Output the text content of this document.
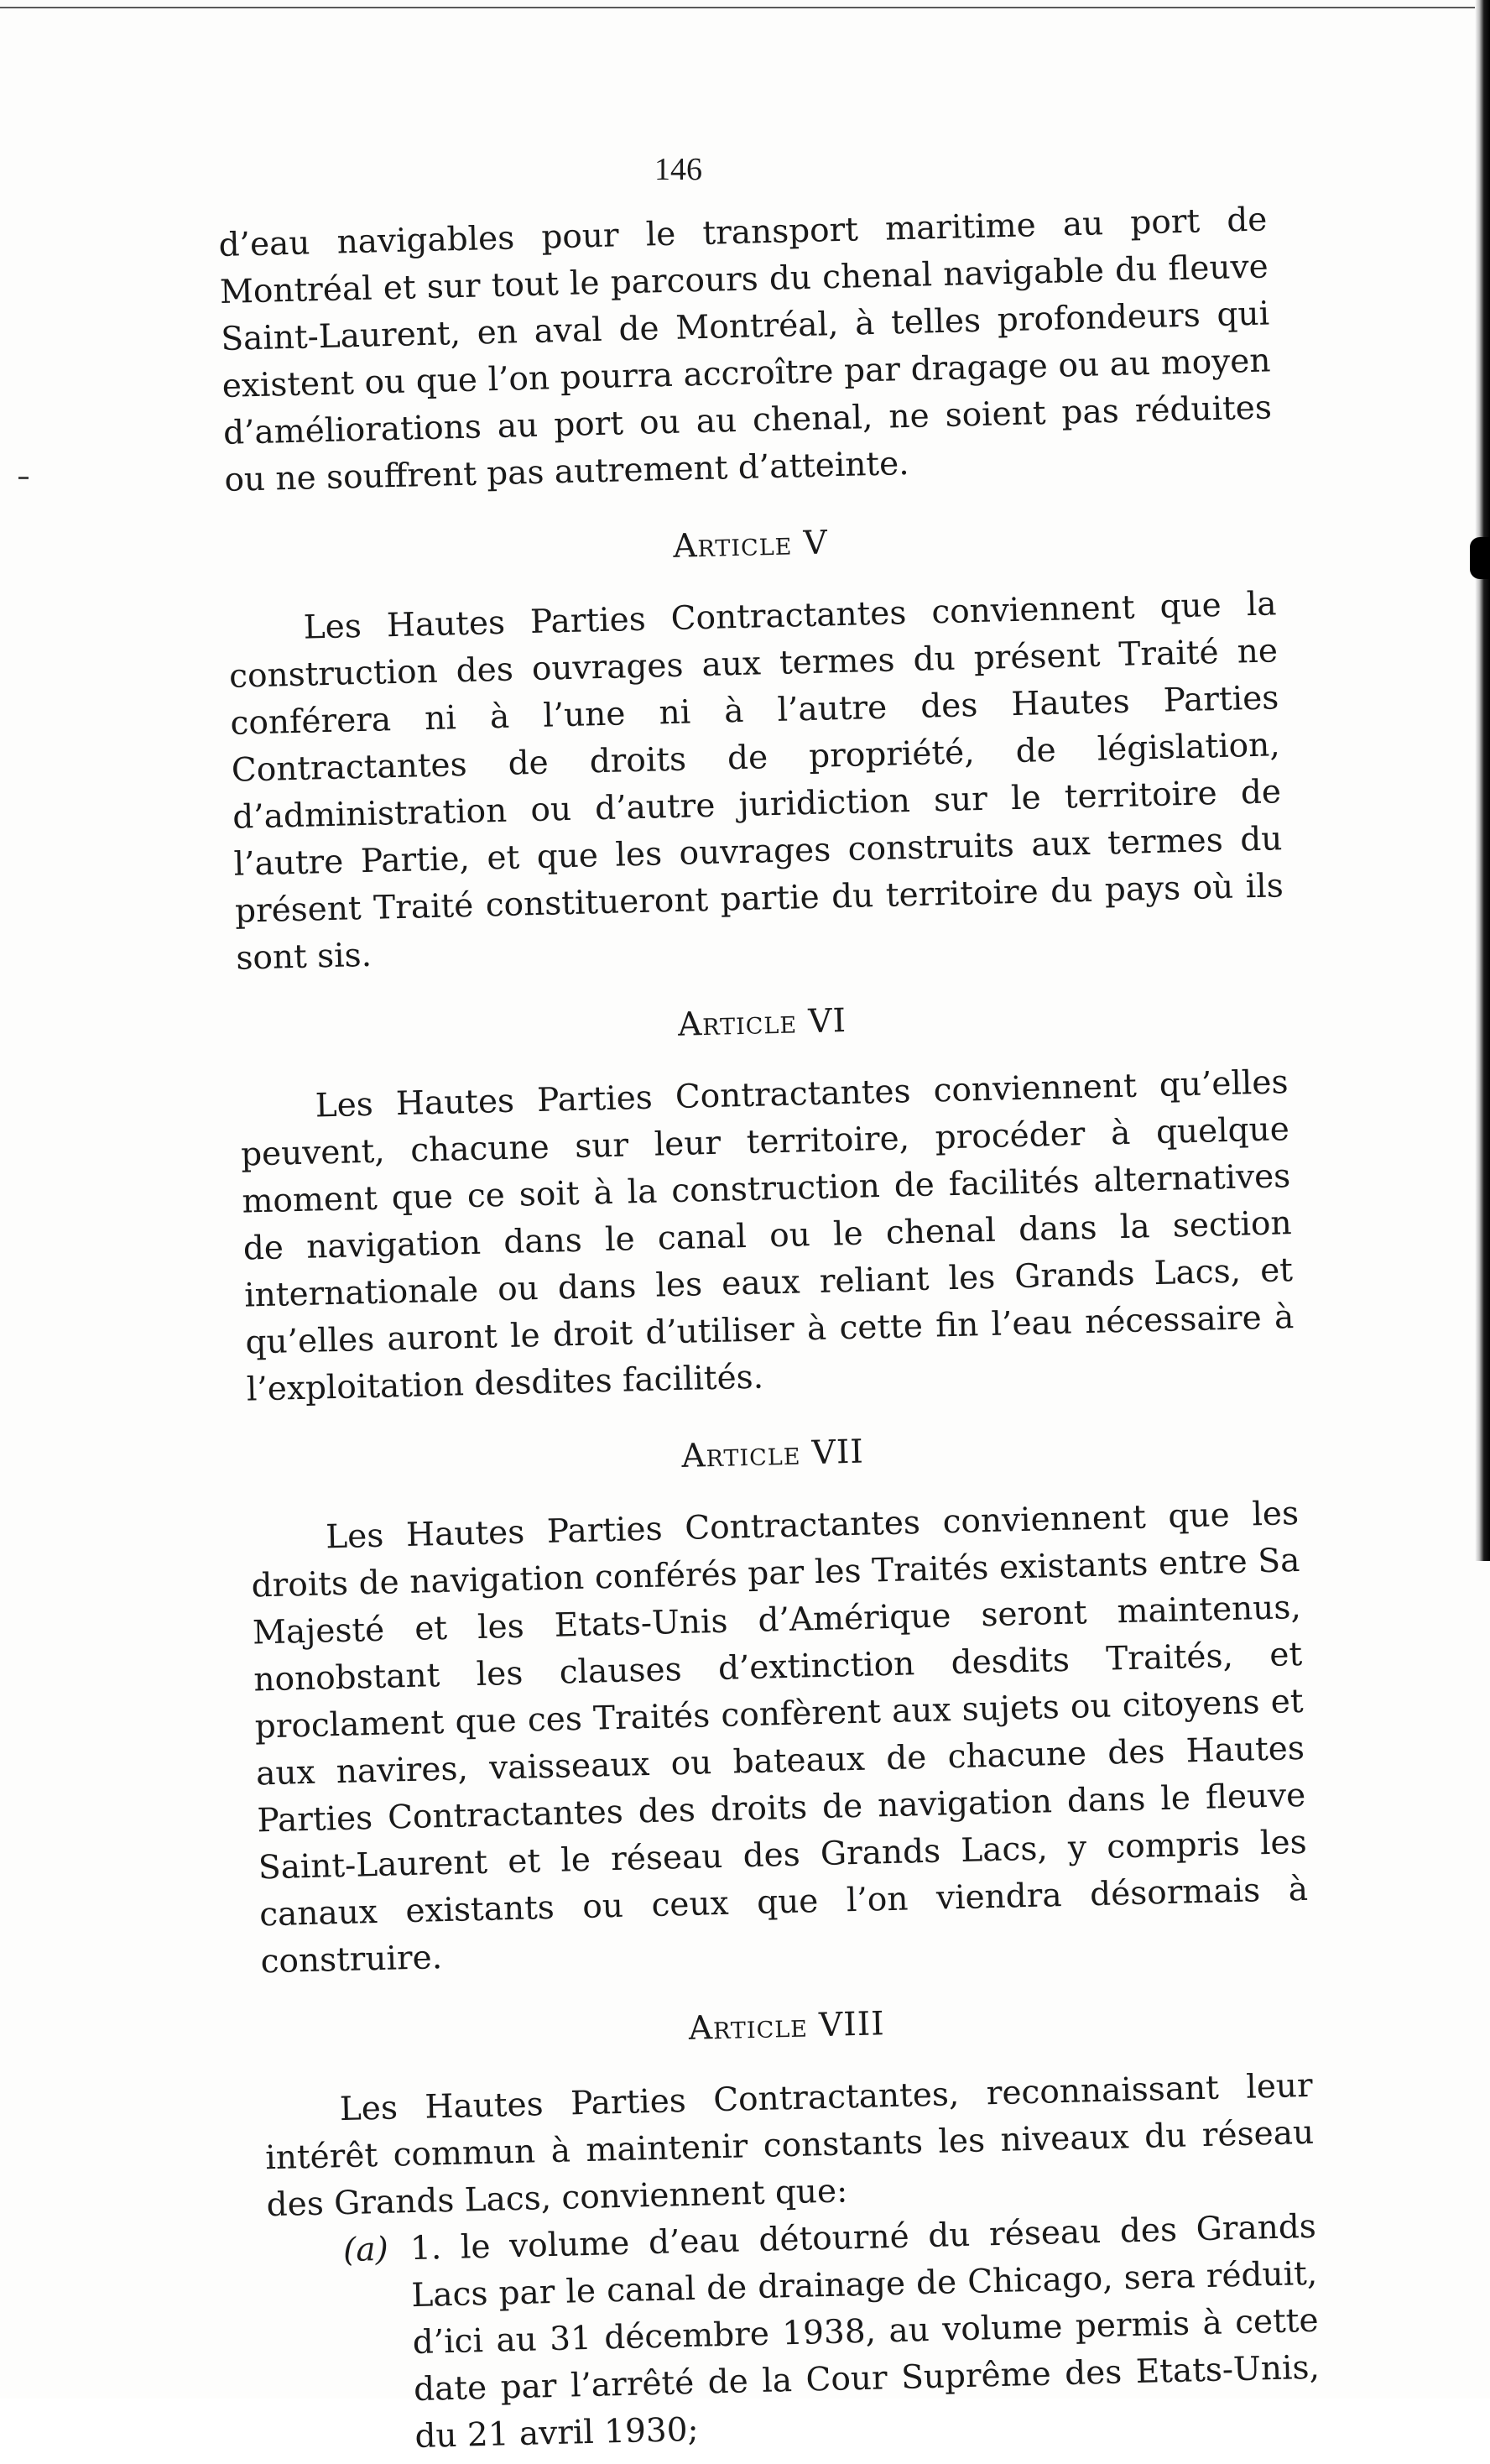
146

d’eau navigables pour le transport maritime au port de Montréal et sur tout le parcours du chenal navigable du fleuve Saint-Laurent, en aval de Montréal, à telles profondeurs qui existent ou que l’on pourra accroître par dragage ou au moyen d’améliorations au port ou au chenal, ne soient pas réduites ou ne souffrent pas autrement d’atteinte.

Article V

Les Hautes Parties Contractantes conviennent que la construction des ouvrages aux termes du présent Traité ne conférera ni à l’une ni à l’autre des Hautes Parties Contractantes de droits de propriété, de législation, d’administration ou d’autre juridiction sur le territoire de l’autre Partie, et que les ouvrages construits aux termes du présent Traité constitueront partie du territoire du pays où ils sont sis.

Article VI

Les Hautes Parties Contractantes conviennent qu’elles peuvent, chacune sur leur territoire, procéder à quelque moment que ce soit à la construction de facilités alternatives de navigation dans le canal ou le chenal dans la section internationale ou dans les eaux reliant les Grands Lacs, et qu’elles auront le droit d’utiliser à cette fin l’eau nécessaire à l’exploitation desdites facilités.

Article VII

Les Hautes Parties Contractantes conviennent que les droits de navigation conférés par les Traités existants entre Sa Majesté et les Etats-Unis d’Amérique seront maintenus, nonobstant les clauses d’extinction desdits Traités, et proclament que ces Traités confèrent aux sujets ou citoyens et aux navires, vaisseaux ou bateaux de chacune des Hautes Parties Contractantes des droits de navigation dans le fleuve Saint-Laurent et le réseau des Grands Lacs, y compris les canaux existants ou ceux que l’on viendra désormais à construire.

Article VIII

Les Hautes Parties Contractantes, reconnaissant leur intérêt commun à maintenir constants les niveaux du réseau des Grands Lacs, conviennent que:

(a) 1. le volume d’eau détourné du réseau des Grands Lacs par le canal de drainage de Chicago, sera réduit, d’ici au 31 décembre 1938, au volume permis à cette date par l’arrêté de la Cour Suprême des Etats-Unis, du 21 avril 1930;
